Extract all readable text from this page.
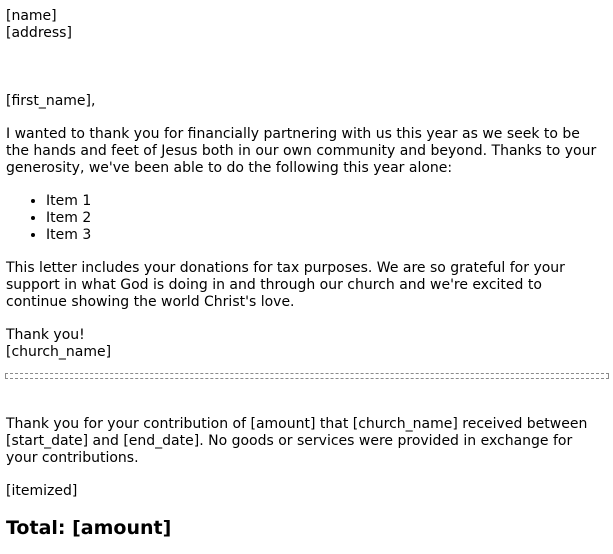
[name]
[address]
[first_name],

I wanted to thank you for financially partnering with us this year as we seek to be the hands and feet of Jesus both in our own community and beyond. Thanks to your generosity, we've been able to do the following this year alone:

• Item 1
• Item 2
• Item 3

This letter includes your donations for tax purposes. We are so grateful for your support in what God is doing in and through our church and we're excited to continue showing the world Christ's love.

Thank you!
[church_name]

Thank you for your contribution of [amount] that [church_name] received between [start_date] and [end_date]. No goods or services were provided in exchange for your contributions.

[itemized]
Total: [amount]
